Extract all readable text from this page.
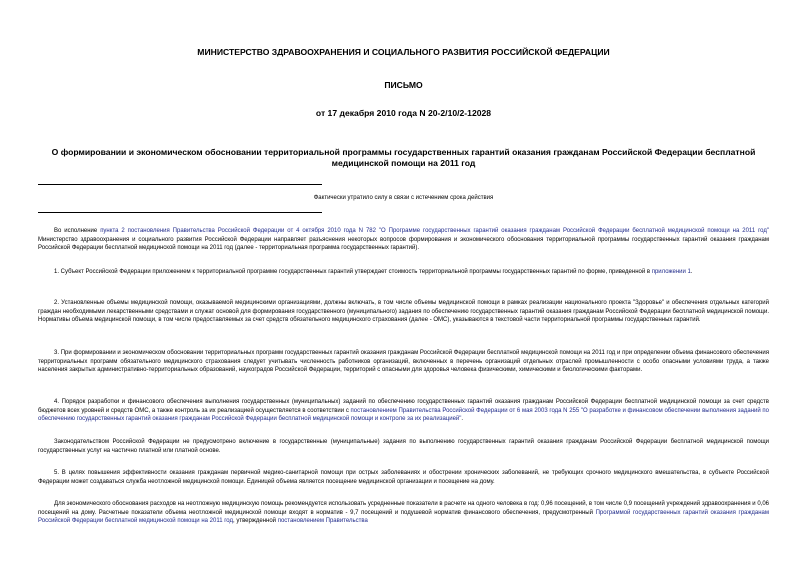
МИНИСТЕРСТВО ЗДРАВООХРАНЕНИЯ И СОЦИАЛЬНОГО РАЗВИТИЯ РОССИЙСКОЙ ФЕДЕРАЦИИ
ПИСЬМО
от 17 декабря 2010 года N 20-2/10/2-12028
О формировании и экономическом обосновании территориальной программы государственных гарантий оказания гражданам Российской Федерации бесплатной медицинской помощи на 2011 год
Фактически утратило силу в связи с истечением срока действия

Во исполнение пункта 2 постановления Правительства Российской Федерации от 4 октября 2010 года N 782 "О Программе государственных гарантий оказания гражданам Российской Федерации бесплатной медицинской помощи на 2011 год" Министерство здравоохранения и социального развития Российской Федерации направляет разъяснения некоторых вопросов формирования и экономического обоснования территориальной программы государственных гарантий оказания гражданам Российской Федерации бесплатной медицинской помощи на 2011 год (далее - территориальная программа государственных гарантий).

1. Субъект Российской Федерации приложением к территориальной программе государственных гарантий утверждает стоимость территориальной программы государственных гарантий по форме, приведенной в приложении 1.

2. Установленные объемы медицинской помощи, оказываемой медицинскими организациями, должны включать, в том числе объемы медицинской помощи в рамках реализации национального проекта "Здоровье" и обеспечения отдельных категорий граждан необходимыми лекарственными средствами и служат основой для формирования государственного (муниципального) задания по обеспечению государственных гарантий оказания гражданам Российской Федерации бесплатной медицинской помощи. Нормативы объема медицинской помощи, в том числе предоставляемых за счет средств обязательного медицинского страхования (далее - ОМС), указываются в текстовой части территориальной программы государственных гарантий.

3. При формировании и экономическом обосновании территориальных программ государственных гарантий оказания гражданам Российской Федерации бесплатной медицинской помощи на 2011 год и при определении объема финансового обеспечения территориальных программ обязательного медицинского страхования следует учитывать численность работников организаций, включенных в перечень организаций отдельных отраслей промышленности с особо опасными условиями труда, а также населения закрытых административно-территориальных образований, наукоградов Российской Федерации, территорий с опасными для здоровья человека физическими, химическими и биологическими факторами.

4. Порядок разработки и финансового обеспечения выполнения государственных (муниципальных) заданий по обеспечению государственных гарантий оказания гражданам Российской Федерации бесплатной медицинской помощи за счет средств бюджетов всех уровней и средств ОМС, а также контроль за их реализацией осуществляется в соответствии с постановлением Правительства Российской Федерации от 6 мая 2003 года N 255 "О разработке и финансовом обеспечении выполнения заданий по обеспечению государственных гарантий оказания гражданам Российской Федерации бесплатной медицинской помощи и контроле за их реализацией".

Законодательством Российской Федерации не предусмотрено включение в государственные (муниципальные) задания по выполнению государственных гарантий оказания гражданам Российской Федерации бесплатной медицинской помощи государственных услуг на частично платной или платной основе.

5. В целях повышения эффективности оказания гражданам первичной медико-санитарной помощи при острых заболеваниях и обострении хронических заболеваний, не требующих срочного медицинского вмешательства, в субъекте Российской Федерации может создаваться служба неотложной медицинской помощи. Единицей объема является посещение медицинской организации и посещение на дому.

Для экономического обоснования расходов на неотложную медицинскую помощь рекомендуется использовать усредненные показатели в расчете на одного человека в год: 0,96 посещений, в том числе 0,9 посещений учреждений здравоохранения и 0,06 посещений на дому. Расчетные показатели объема неотложной медицинской помощи входят в норматив - 9,7 посещений и подушевой норматив финансового обеспечения, предусмотренный Программой государственных гарантий оказания гражданам Российской Федерации бесплатной медицинской помощи на 2011 год, утвержденной постановлением Правительства
